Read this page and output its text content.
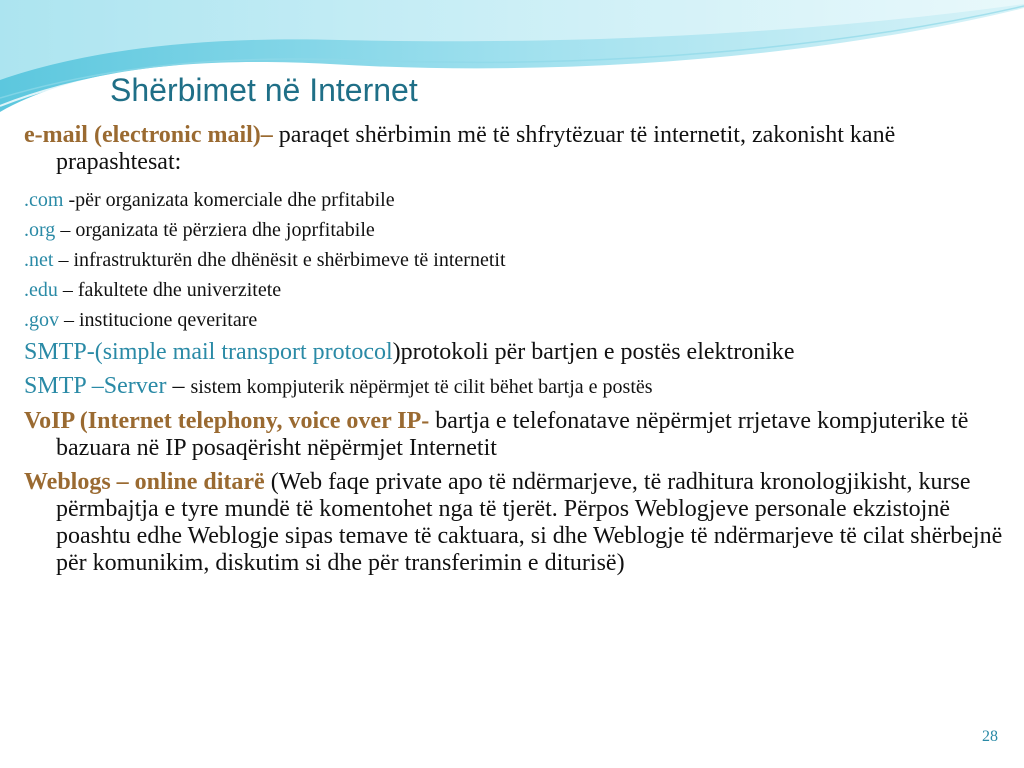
Shërbimet në Internet
e-mail (electronic mail)– paraqet shërbimin më të shfrytëzuar të internetit, zakonisht kanë prapashtesat:
.com -për organizata komerciale dhe prfitabile
.org – organizata të përziera dhe joprfitabile
.net – infrastrukturën dhe dhënësit e shërbimeve të internetit
.edu – fakultete dhe univerzitete
.gov – institucione qeveritare
SMTP-(simple mail transport protocol)protokoli për bartjen e postës elektronike
SMTP –Server – sistem kompjuterik nëpërmjet të cilit bëhet bartja e postës
VoIP (Internet telephony, voice over IP- bartja e telefonatave nëpërmjet rrjetave kompjuterike të bazuara në IP posaqërisht nëpërmjet Internetit
Weblogs – online ditarë (Web faqe private apo të ndërmarjeve, të radhitura kronologjikisht, kurse përmbajtja e tyre mundë të komentohet nga të tjerët. Përpos Weblogjeve personale ekzistojnë poashtu edhe Weblogje sipas temave të caktuara, si dhe Weblogje të ndërmarjeve të cilat shërbejnë për komunikim, diskutim si dhe për transferimin e diturisë)
28
